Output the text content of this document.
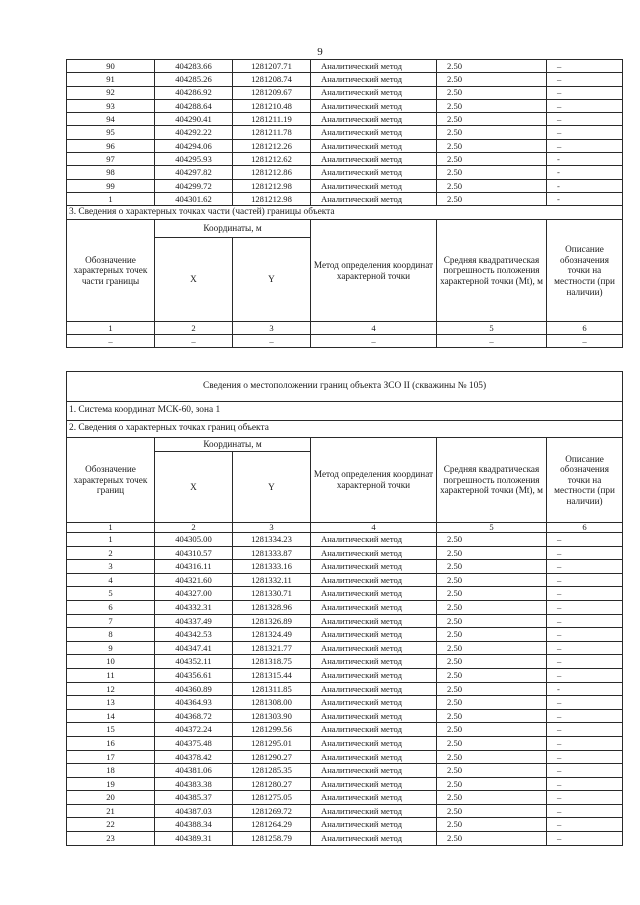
9
90	404283.66	1281207.71	Аналитический метод	2.50	–
91	404285.26	1281208.74	Аналитический метод	2.50	–
92	404286.92	1281209.67	Аналитический метод	2.50	–
93	404288.64	1281210.48	Аналитический метод	2.50	–
94	404290.41	1281211.19	Аналитический метод	2.50	–
95	404292.22	1281211.78	Аналитический метод	2.50	–
96	404294.06	1281212.26	Аналитический метод	2.50	–
97	404295.93	1281212.62	Аналитический метод	2.50	-
98	404297.82	1281212.86	Аналитический метод	2.50	-
99	404299.72	1281212.98	Аналитический метод	2.50	-
1	404301.62	1281212.98	Аналитический метод	2.50	-
3. Сведения о характерных точках части (частей) границы объекта					
Обозначение характерных точек части границы	Координаты, м		Метод определения координат характерной точки	Средняя квадратическая погрешность положения характерной точки (Mt), м	Описание обозначения точки на местности (при наличии)
	X	Y			
1	2	3	4	5	6
–	–	–	–	–	–
Сведения о местоположении границ объекта ЗСО II (скважины № 105)					
1. Система координат МСК-60, зона 1					
2. Сведения о характерных точках границ объекта					
Обозначение характерных точек границ	Координаты, м		Метод определения координат характерной точки	Средняя квадратическая погрешность положения характерной точки (Mt), м	Описание обозначения точки на местности (при наличии)
	X	Y			
1	2	3	4	5	6
1	404305.00	1281334.23	Аналитический метод	2.50	–
2	404310.57	1281333.87	Аналитический метод	2.50	–
3	404316.11	1281333.16	Аналитический метод	2.50	–
4	404321.60	1281332.11	Аналитический метод	2.50	–
5	404327.00	1281330.71	Аналитический метод	2.50	–
6	404332.31	1281328.96	Аналитический метод	2.50	–
7	404337.49	1281326.89	Аналитический метод	2.50	–
8	404342.53	1281324.49	Аналитический метод	2.50	–
9	404347.41	1281321.77	Аналитический метод	2.50	–
10	404352.11	1281318.75	Аналитический метод	2.50	–
11	404356.61	1281315.44	Аналитический метод	2.50	–
12	404360.89	1281311.85	Аналитический метод	2.50	-
13	404364.93	1281308.00	Аналитический метод	2.50	–
14	404368.72	1281303.90	Аналитический метод	2.50	–
15	404372.24	1281299.56	Аналитический метод	2.50	–
16	404375.48	1281295.01	Аналитический метод	2.50	–
17	404378.42	1281290.27	Аналитический метод	2.50	–
18	404381.06	1281285.35	Аналитический метод	2.50	–
19	404383.38	1281280.27	Аналитический метод	2.50	–
20	404385.37	1281275.05	Аналитический метод	2.50	–
21	404387.03	1281269.72	Аналитический метод	2.50	–
22	404388.34	1281264.29	Аналитический метод	2.50	–
23	404389.31	1281258.79	Аналитический метод	2.50	–
